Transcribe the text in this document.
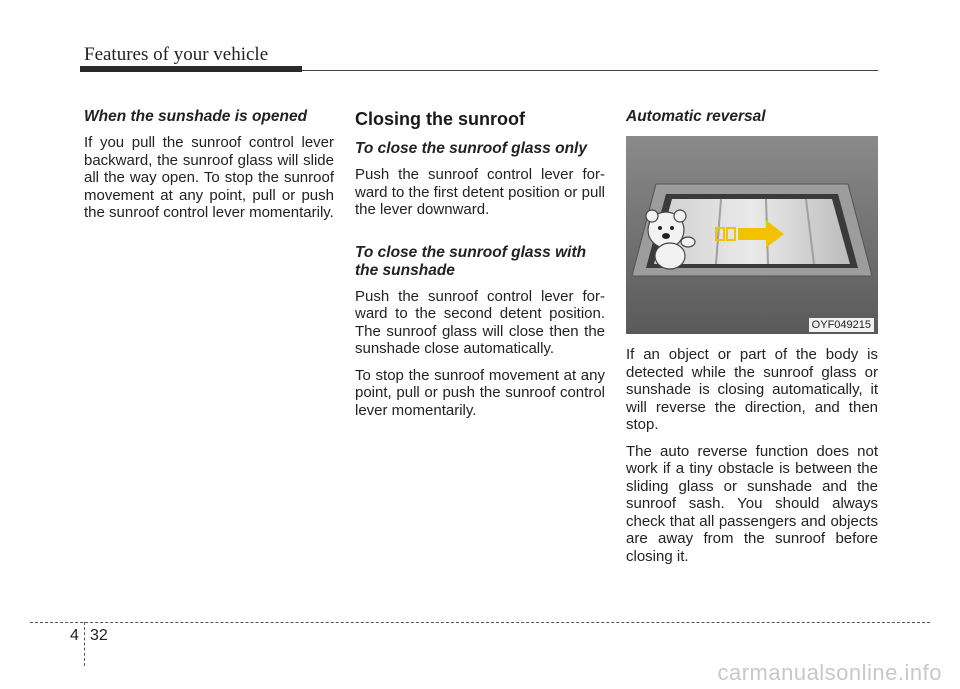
Features of your vehicle
When the sunshade is opened

If you pull the sunroof control lever backward, the sunroof glass will slide all the way open. To stop the sunroof movement at any point, pull or push the sunroof control lever momentarily.

Closing the sunroof
To close the sunroof glass only

Push the sunroof control lever for-ward to the first detent position or pull the lever downward.

To close the sunroof glass with the sunshade

Push the sunroof control lever for-ward to the second detent position. The sunroof glass will close then the sunshade close automatically.

To stop the sunroof movement at any point, pull or push the sunroof control lever momentarily.

Automatic reversal
OYF049215

If an object or part of the body is detected while the sunroof glass or sunshade is closing automatically, it will reverse the direction, and then stop.

The auto reverse function does not work if a tiny obstacle is between the sliding glass or sunshade and the sunroof sash. You should always check that all passengers and objects are away from the sunroof before closing it.

4 32
carmanualsonline.info
